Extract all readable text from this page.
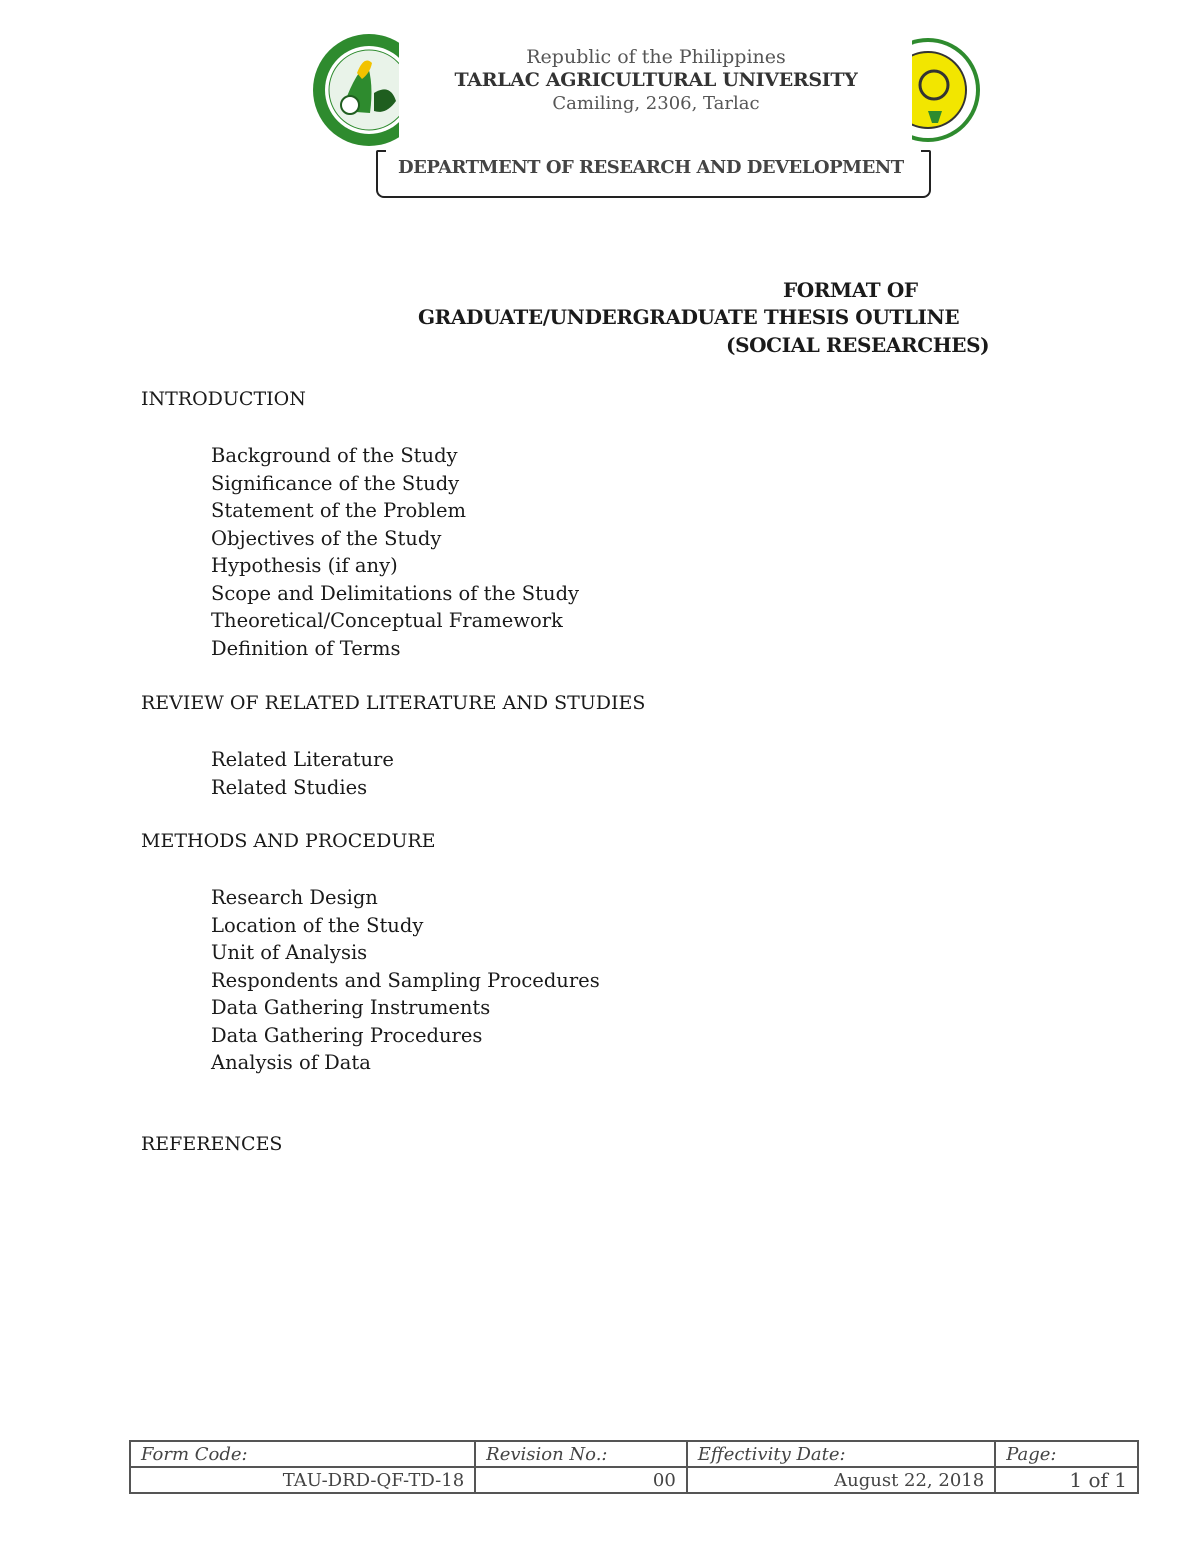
Republic of the Philippines
TARLAC AGRICULTURAL UNIVERSITY
Camiling, 2306, Tarlac
DEPARTMENT OF RESEARCH AND DEVELOPMENT
FORMAT OF
GRADUATE/UNDERGRADUATE THESIS OUTLINE
(SOCIAL RESEARCHES)
INTRODUCTION
Background of the Study
Significance of the Study
Statement of the Problem
Objectives of the Study
Hypothesis (if any)
Scope and Delimitations of the Study
Theoretical/Conceptual Framework
Definition of Terms
REVIEW OF RELATED LITERATURE AND STUDIES
Related Literature
Related Studies
METHODS AND PROCEDURE
Research Design
Location of the Study
Unit of Analysis
Respondents and Sampling Procedures
Data Gathering Instruments
Data Gathering Procedures
Analysis of Data
REFERENCES
Form Code:	Revision No.:	Effectivity Date:	Page:
TAU-DRD-QF-TD-18	00	August 22, 2018	1 of 1
